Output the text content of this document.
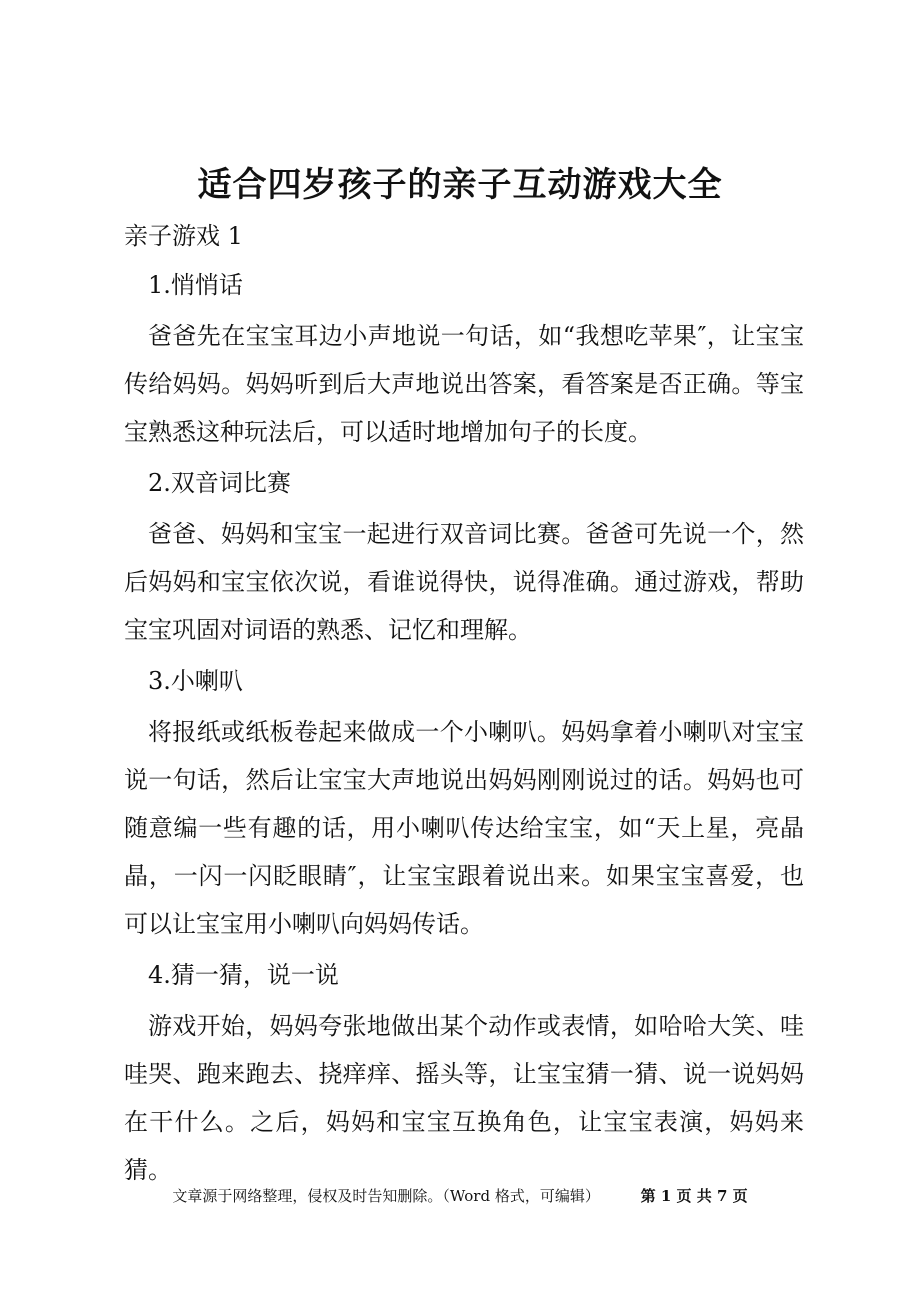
适合四岁孩子的亲子互动游戏大全

亲子游戏 1

1.悄悄话

爸爸先在宝宝耳边小声地说一句话，如“我想吃苹果″，让宝宝传给妈妈。妈妈听到后大声地说出答案，看答案是否正确。等宝宝熟悉这种玩法后，可以适时地增加句子的长度。

2.双音词比赛

爸爸、妈妈和宝宝一起进行双音词比赛。爸爸可先说一个，然后妈妈和宝宝依次说，看谁说得快，说得准确。通过游戏，帮助宝宝巩固对词语的熟悉、记忆和理解。

3.小喇叭

将报纸或纸板卷起来做成一个小喇叭。妈妈拿着小喇叭对宝宝说一句话，然后让宝宝大声地说出妈妈刚刚说过的话。妈妈也可随意编一些有趣的话，用小喇叭传达给宝宝，如“天上星，亮晶晶，一闪一闪眨眼睛″，让宝宝跟着说出来。如果宝宝喜爱，也可以让宝宝用小喇叭向妈妈传话。

4.猜一猜，说一说

游戏开始，妈妈夸张地做出某个动作或表情，如哈哈大笑、哇哇哭、跑来跑去、挠痒痒、摇头等，让宝宝猜一猜、说一说妈妈在干什么。之后，妈妈和宝宝互换角色，让宝宝表演，妈妈来猜。

文章源于网络整理，侵权及时告知删除。（Word 格式，可编辑）	第 1 页 共 7 页
